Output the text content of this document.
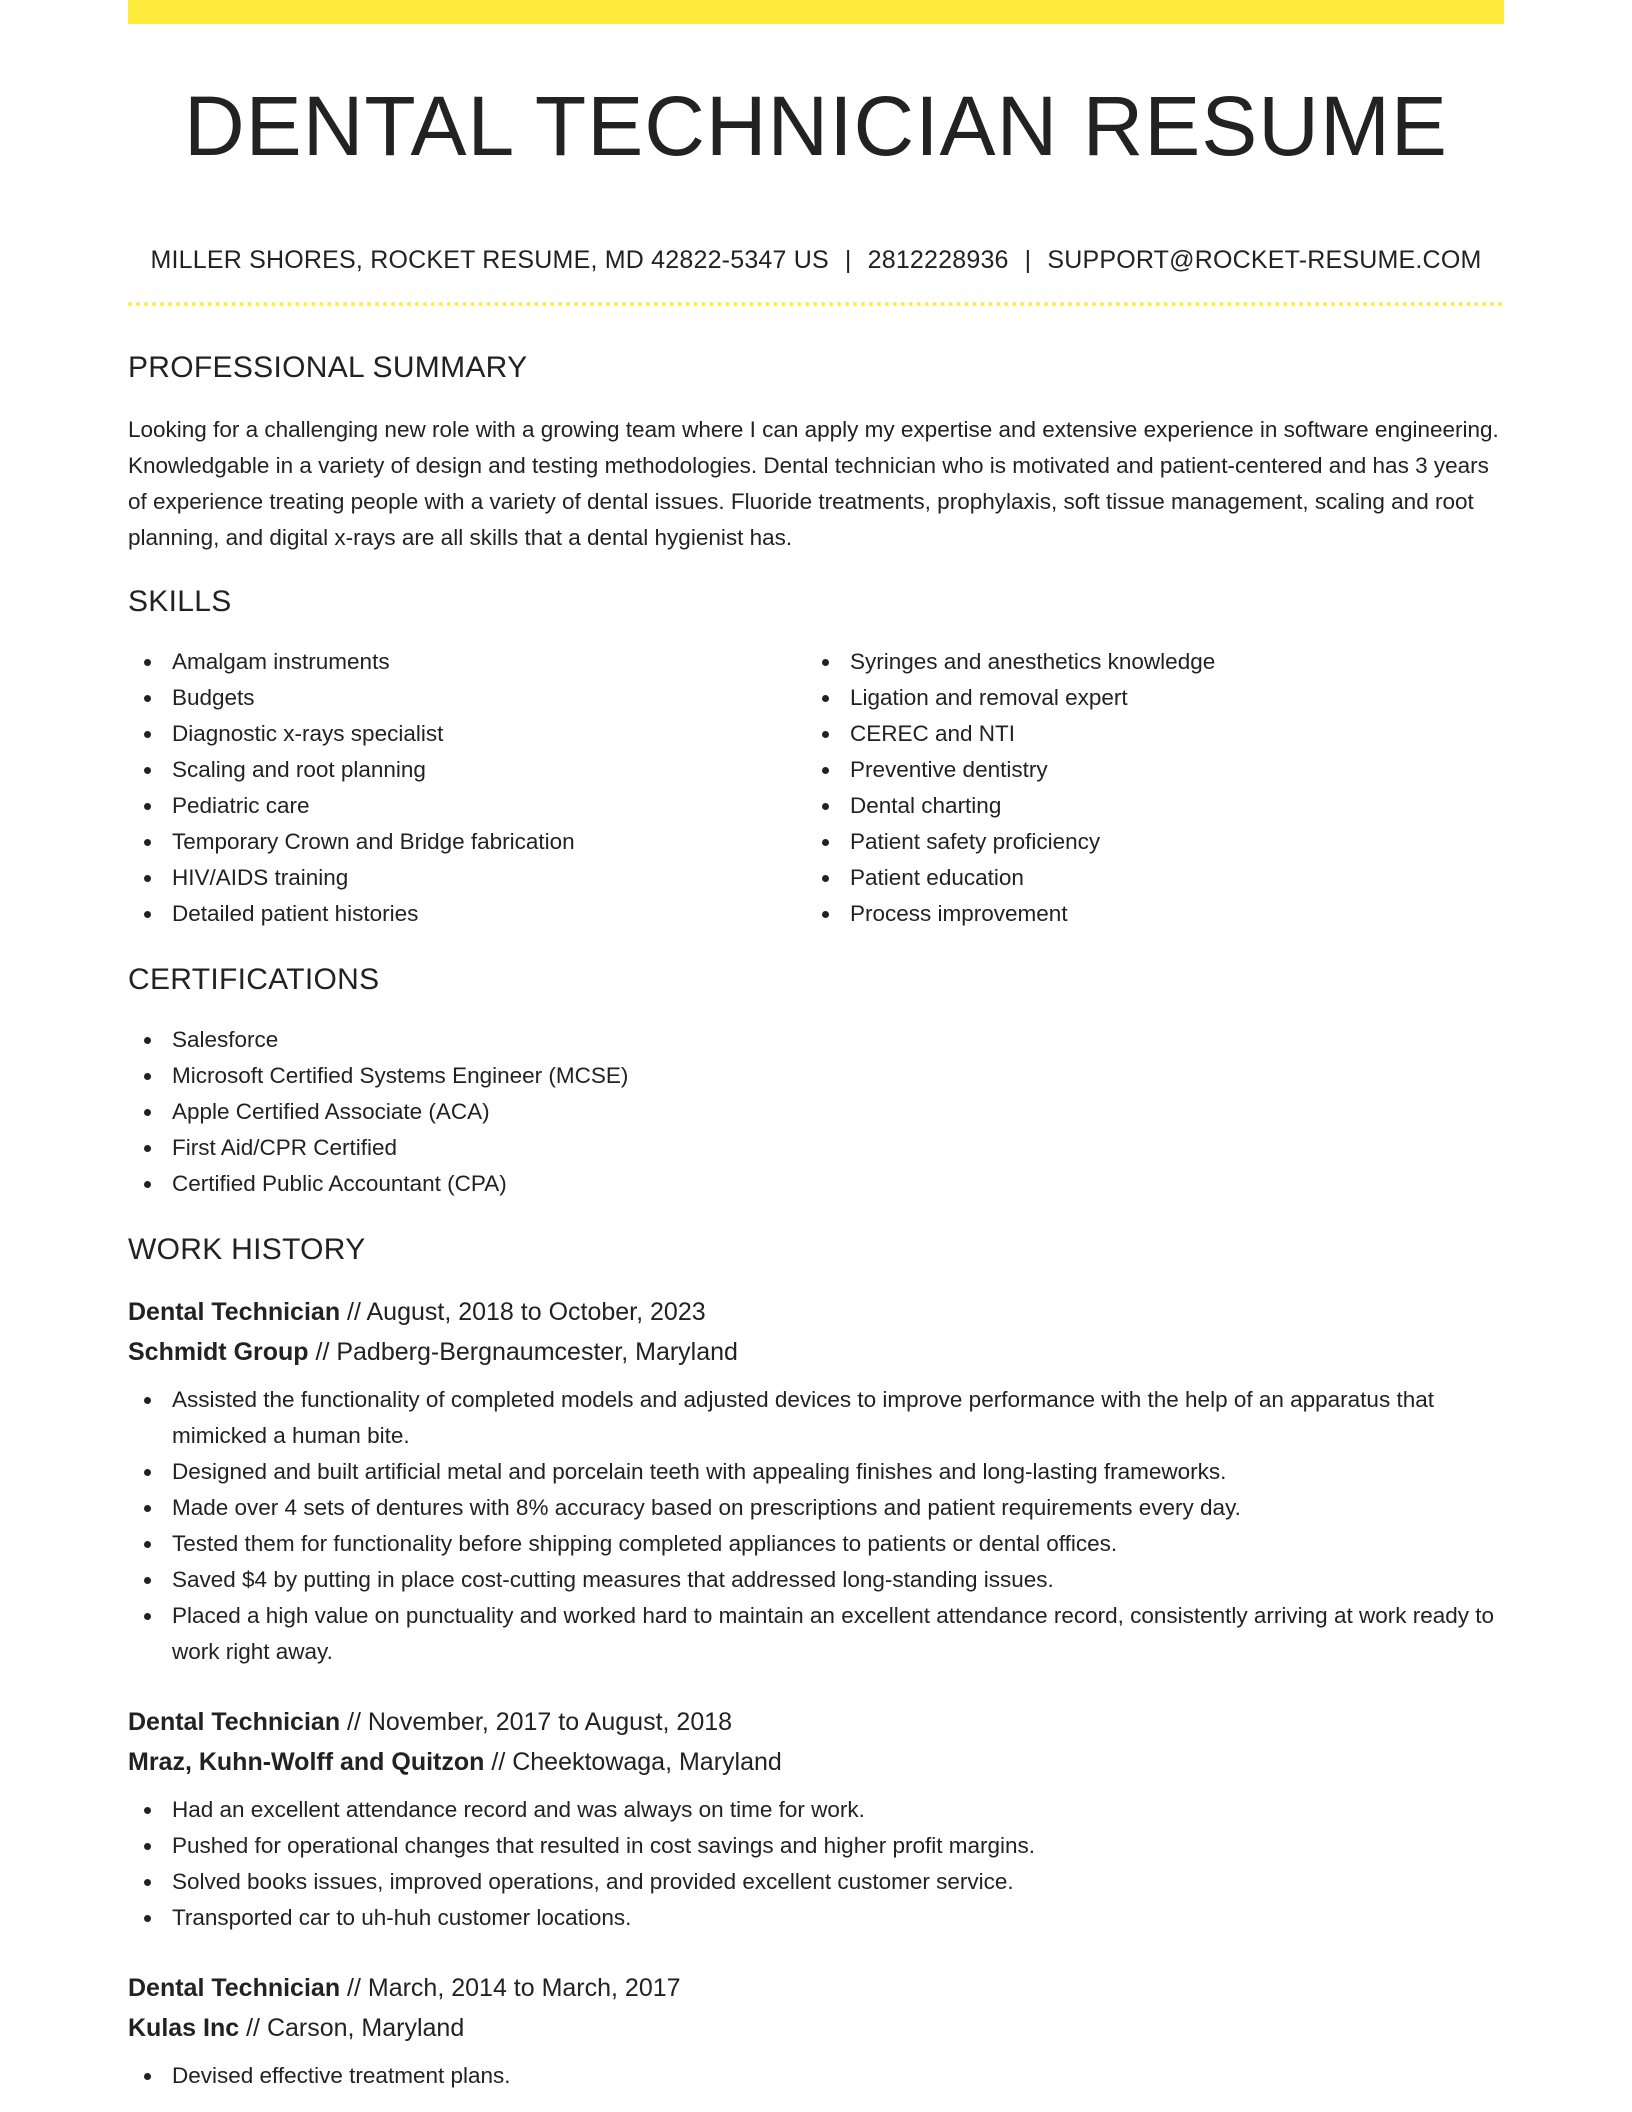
DENTAL TECHNICIAN RESUME
MILLER SHORES, ROCKET RESUME, MD 42822-5347 US | 2812228936 | SUPPORT@ROCKET-RESUME.COM
PROFESSIONAL SUMMARY

Looking for a challenging new role with a growing team where I can apply my expertise and extensive experience in software engineering. Knowledgable in a variety of design and testing methodologies. Dental technician who is motivated and patient-centered and has 3 years of experience treating people with a variety of dental issues. Fluoride treatments, prophylaxis, soft tissue management, scaling and root planning, and digital x-rays are all skills that a dental hygienist has.

SKILLS
Amalgam instruments
Budgets
Diagnostic x-rays specialist
Scaling and root planning
Pediatric care
Temporary Crown and Bridge fabrication
HIV/AIDS training
Detailed patient histories
Syringes and anesthetics knowledge
Ligation and removal expert
CEREC and NTI
Preventive dentistry
Dental charting
Patient safety proficiency
Patient education
Process improvement
CERTIFICATIONS
Salesforce
Microsoft Certified Systems Engineer (MCSE)
Apple Certified Associate (ACA)
First Aid/CPR Certified
Certified Public Accountant (CPA)
WORK HISTORY
Dental Technician // August, 2018 to October, 2023
Schmidt Group // Padberg-Bergnaumcester, Maryland
Assisted the functionality of completed models and adjusted devices to improve performance with the help of an apparatus that mimicked a human bite.
Designed and built artificial metal and porcelain teeth with appealing finishes and long-lasting frameworks.
Made over 4 sets of dentures with 8% accuracy based on prescriptions and patient requirements every day.
Tested them for functionality before shipping completed appliances to patients or dental offices.
Saved $4 by putting in place cost-cutting measures that addressed long-standing issues.
Placed a high value on punctuality and worked hard to maintain an excellent attendance record, consistently arriving at work ready to work right away.
Dental Technician // November, 2017 to August, 2018
Mraz, Kuhn-Wolff and Quitzon // Cheektowaga, Maryland
Had an excellent attendance record and was always on time for work.
Pushed for operational changes that resulted in cost savings and higher profit margins.
Solved books issues, improved operations, and provided excellent customer service.
Transported car to uh-huh customer locations.
Dental Technician // March, 2014 to March, 2017
Kulas Inc // Carson, Maryland
Devised effective treatment plans.
